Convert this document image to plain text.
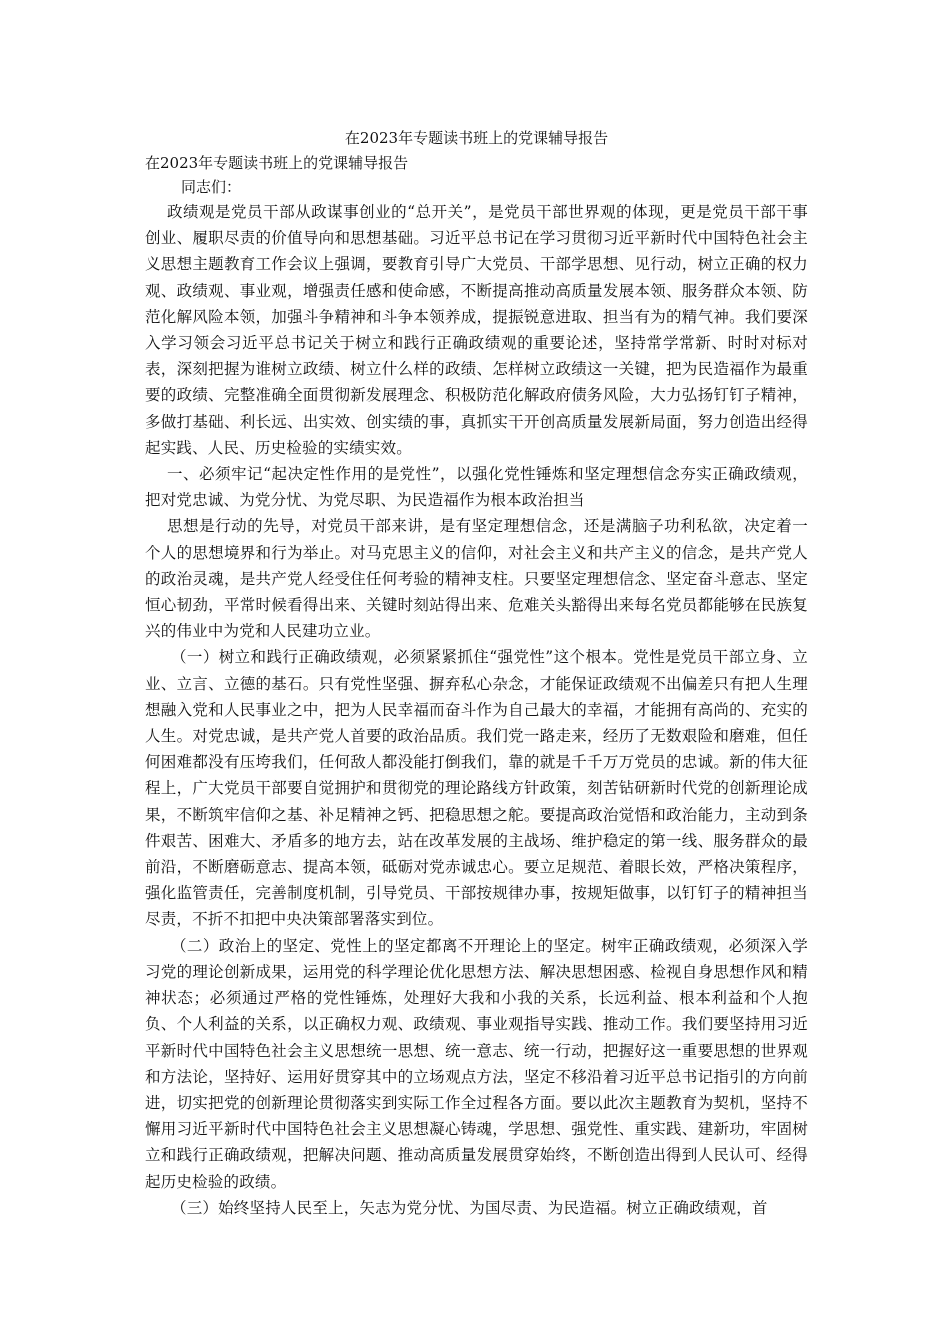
在2023年专题读书班上的党课辅导报告

在2023年专题读书班上的党课辅导报告

同志们：

政绩观是党员干部从政谋事创业的“总开关”，是党员干部世界观的体现，更是党员干部干事创业、履职尽责的价值导向和思想基础。习近平总书记在学习贯彻习近平新时代中国特色社会主义思想主题教育工作会议上强调，要教育引导广大党员、干部学思想、见行动，树立正确的权力观、政绩观、事业观，增强责任感和使命感，不断提高推动高质量发展本领、服务群众本领、防范化解风险本领，加强斗争精神和斗争本领养成，提振锐意进取、担当有为的精气神。我们要深入学习领会习近平总书记关于树立和践行正确政绩观的重要论述，坚持常学常新、时时对标对表，深刻把握为谁树立政绩、树立什么样的政绩、怎样树立政绩这一关键，把为民造福作为最重要的政绩、完整准确全面贯彻新发展理念、积极防范化解政府债务风险，大力弘扬钉钉子精神，多做打基础、利长远、出实效、创实绩的事，真抓实干开创高质量发展新局面，努力创造出经得起实践、人民、历史检验的实绩实效。

一、必须牢记“起决定性作用的是党性”，以强化党性锤炼和坚定理想信念夯实正确政绩观，把对党忠诚、为党分忧、为党尽职、为民造福作为根本政治担当

思想是行动的先导，对党员干部来讲，是有坚定理想信念，还是满脑子功利私欲，决定着一个人的思想境界和行为举止。对马克思主义的信仰，对社会主义和共产主义的信念，是共产党人的政治灵魂，是共产党人经受住任何考验的精神支柱。只要坚定理想信念、坚定奋斗意志、坚定恒心韧劲，平常时候看得出来、关键时刻站得出来、危难关头豁得出来每名党员都能够在民族复兴的伟业中为党和人民建功立业。

（一）树立和践行正确政绩观，必须紧紧抓住“强党性”这个根本。党性是党员干部立身、立业、立言、立德的基石。只有党性坚强、摒弃私心杂念，才能保证政绩观不出偏差只有把人生理想融入党和人民事业之中，把为人民幸福而奋斗作为自己最大的幸福，才能拥有高尚的、充实的人生。对党忠诚，是共产党人首要的政治品质。我们党一路走来，经历了无数艰险和磨难，但任何困难都没有压垮我们，任何敌人都没能打倒我们，靠的就是千千万万党员的忠诚。新的伟大征程上，广大党员干部要自觉拥护和贯彻党的理论路线方针政策，刻苦钻研新时代党的创新理论成果，不断筑牢信仰之基、补足精神之钙、把稳思想之舵。要提高政治觉悟和政治能力，主动到条件艰苦、困难大、矛盾多的地方去，站在改革发展的主战场、维护稳定的第一线、服务群众的最前沿，不断磨砺意志、提高本领，砥砺对党赤诚忠心。要立足规范、着眼长效，严格决策程序，强化监管责任，完善制度机制，引导党员、干部按规律办事，按规矩做事，以钉钉子的精神担当尽责，不折不扣把中央决策部署落实到位。

（二）政治上的坚定、党性上的坚定都离不开理论上的坚定。树牢正确政绩观，必须深入学习党的理论创新成果，运用党的科学理论优化思想方法、解决思想困惑、检视自身思想作风和精神状态；必须通过严格的党性锤炼，处理好大我和小我的关系，长远利益、根本利益和个人抱负、个人利益的关系，以正确权力观、政绩观、事业观指导实践、推动工作。我们要坚持用习近平新时代中国特色社会主义思想统一思想、统一意志、统一行动，把握好这一重要思想的世界观和方法论，坚持好、运用好贯穿其中的立场观点方法，坚定不移沿着习近平总书记指引的方向前进，切实把党的创新理论贯彻落实到实际工作全过程各方面。要以此次主题教育为契机，坚持不懈用习近平新时代中国特色社会主义思想凝心铸魂，学思想、强党性、重实践、建新功，牢固树立和践行正确政绩观，把解决问题、推动高质量发展贯穿始终，不断创造出得到人民认可、经得起历史检验的政绩。

（三）始终坚持人民至上，矢志为党分忧、为国尽责、为民造福。树立正确政绩观，首
